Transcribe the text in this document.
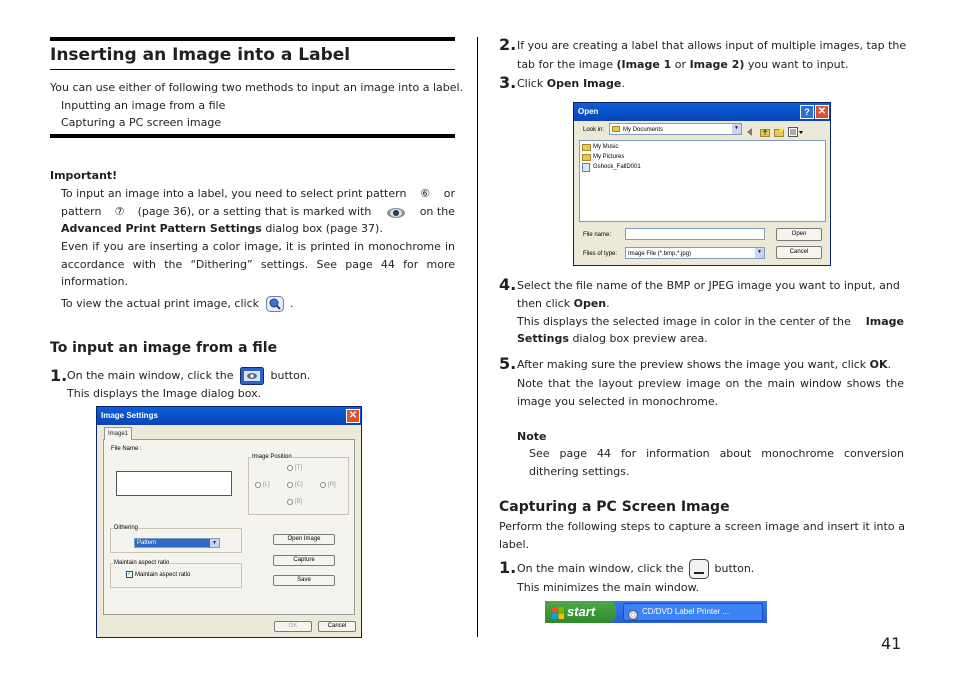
Inserting an Image into a Label
You can use either of following two methods to input an image into a label.
Inputting an image from a file
Capturing a PC screen image
Important!
To input an image into a label, you need to select print pattern ⑥ or
pattern ⑦ (page 36), or a setting that is marked with	on the
Advanced Print Pattern Settings dialog box (page 37).
Even if you are inserting a color image, it is printed in monochrome in accordance with the “Dithering” settings. See page 44 for more information.
To view the actual print image, click	.
To input an image from a file
1. On the main window, click the	button.
This displays the Image dialog box.
Image Settings	✕
Image1
File Name :
Image Position
[T]
[L]	[C]	[R]
[B]
Dithering
Pattern	▼
Maintain aspect ratio
✓ Maintain aspect ratio
Open Image
Capture
Save
OK	Cancel
2. If you are creating a label that allows input of multiple images, tap the
tab for the image (Image 1 or Image 2) you want to input.
3. Click Open Image.
Open	? ✕
Look in:	My Documents	▼
My Music
My Pictures
Gshock_FallD001
File name:	Open
Files of type: Image File (*.bmp,*.jpg)	▼	Cancel
4. Select the file name of the BMP or JPEG image you want to input, and
then click Open.
This displays the selected image in color in the center of the Image
Settings dialog box preview area.
5. After making sure the preview shows the image you want, click OK.
Note that the layout preview image on the main window shows the image you selected in monochrome.
Note
See page 44 for information about monochrome conversion dithering settings.
Capturing a PC Screen Image
Perform the following steps to capture a screen image and insert it into a label.
1. On the main window, click the	button.
This minimizes the main window.
start	CD/DVD Label Printer ...
41
